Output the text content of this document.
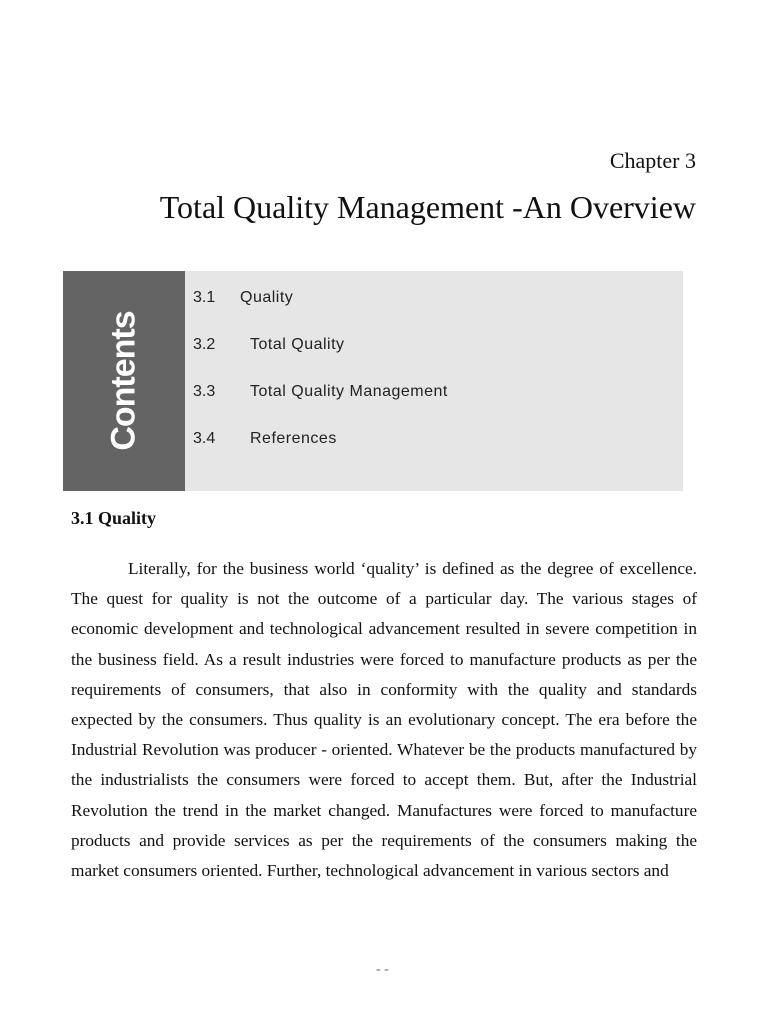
Chapter 3
Total Quality Management -An Overview
Contents
3.1 Quality
3.2 Total Quality
3.3 Total Quality Management
3.4 References
3.1 Quality

Literally, for the business world ‘quality’ is defined as the degree of excellence. The quest for quality is not the outcome of a particular day. The various stages of economic development and technological advancement resulted in severe competition in the business field. As a result industries were forced to manufacture products as per the requirements of consumers, that also in conformity with the quality and standards expected by the consumers. Thus quality is an evolutionary concept. The era before the Industrial Revolution was producer - oriented. Whatever be the products manufactured by the industrialists the consumers were forced to accept them. But, after the Industrial Revolution the trend in the market changed. Manufactures were forced to manufacture products and provide services as per the requirements of the consumers making the market consumers oriented. Further, technological advancement in various sectors and

- -
